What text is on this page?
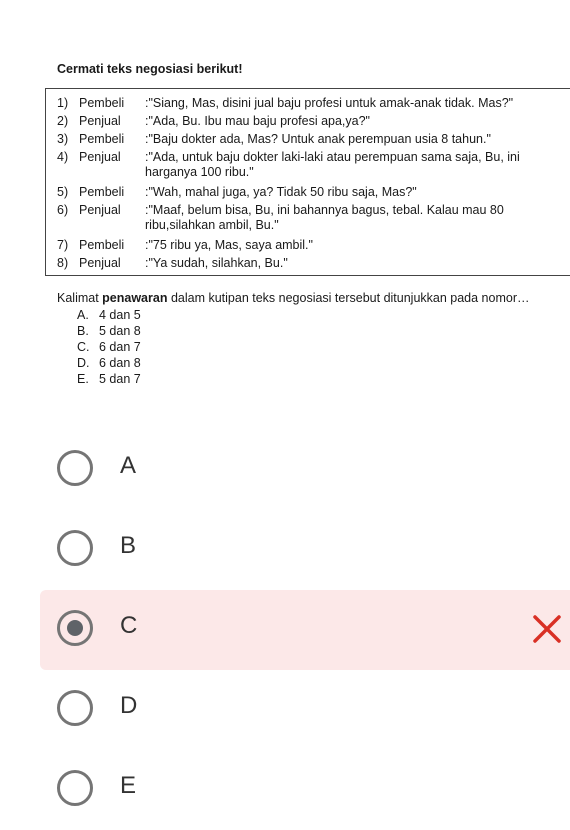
Cermati teks negosiasi berikut!
1) Pembeli	:"Siang, Mas, disini jual baju profesi untuk amak-anak tidak. Mas?"
2) Penjual	:"Ada, Bu. Ibu mau baju profesi apa,ya?"
3) Pembeli	:"Baju dokter ada, Mas? Untuk anak perempuan usia 8 tahun."
4) Penjual	:"Ada, untuk baju dokter laki-laki atau perempuan sama saja, Bu, ini harganya 100 ribu."
5) Pembeli	:"Wah, mahal juga, ya? Tidak 50 ribu saja, Mas?"
6) Penjual	:"Maaf, belum bisa, Bu, ini bahannya bagus, tebal. Kalau mau 80 ribu,silahkan ambil, Bu."
7) Pembeli	:"75 ribu ya, Mas, saya ambil."
8) Penjual	:"Ya sudah, silahkan, Bu."
Kalimat penawaran dalam kutipan teks negosiasi tersebut ditunjukkan pada nomor…
A. 4 dan 5
B. 5 dan 8
C. 6 dan 7
D. 6 dan 8
E. 5 dan 7
A
B
C
D
E
